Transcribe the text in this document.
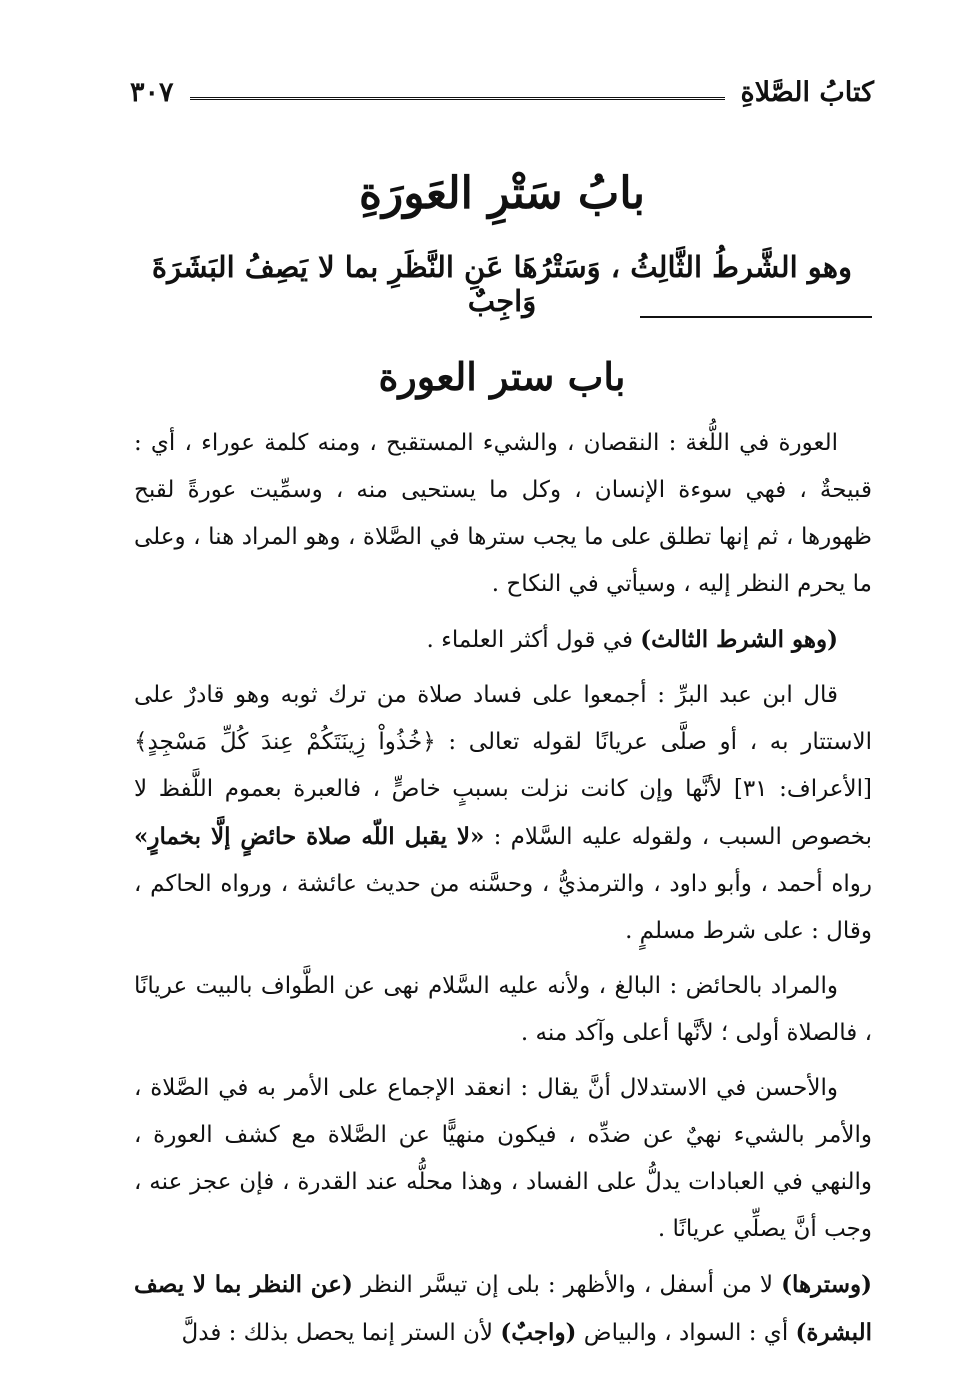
كتابُ الصَّلاةِ
٣٠٧
بابُ سَتْرِ العَورَةِ
وهو الشَّرطُ الثَّالِثُ ، وَسَتْرُهَا عَنِ النَّظَرِ بما لا يَصِفُ البَشَرَةَ وَاجِبٌ
باب ستر العورة

العورة في اللُّغة : النقصان ، والشيء المستقبح ، ومنه كلمة عوراء ، أي : قبيحةٌ ، فهي سوءة الإنسان ، وكل ما يستحيى منه ، وسمِّيت عورةً لقبح ظهورها ، ثم إنها تطلق على ما يجب سترها في الصَّلاة ، وهو المراد هنا ، وعلى ما يحرم النظر إليه ، وسيأتي في النكاح .

(وهو الشرط الثالث) في قول أكثر العلماء .

قال ابن عبد البرِّ : أجمعوا على فساد صلاة من ترك ثوبه وهو قادرٌ على الاستتار به ، أو صلَّى عريانًا لقوله تعالى : ﴿خُذُواْ زِينَتَكُمْ عِندَ كُلِّ مَسْجِدٍ﴾ [الأعراف: ٣١] لأنَّها وإن كانت نزلت بسببٍ خاصٍّ ، فالعبرة بعموم اللَّفظ لا بخصوص السبب ، ولقوله عليه السَّلام : «لا يقبل اللّه صلاة حائضٍ إلَّا بخمارٍ» رواه أحمد ، وأبو داود ، والترمذيُّ ، وحسَّنه من حديث عائشة ، ورواه الحاكم ، وقال : على شرط مسلمٍ .

والمراد بالحائض : البالغ ، ولأنه عليه السَّلام نهى عن الطَّواف بالبيت عريانًا ، فالصلاة أولى ؛ لأنَّها أعلى وآكد منه .

والأحسن في الاستدلال أنَّ يقال : انعقد الإجماع على الأمر به في الصَّلاة ، والأمر بالشيء نهيٌ عن ضدِّه ، فيكون منهيًّا عن الصَّلاة مع كشف العورة ، والنهي في العبادات يدلُّ على الفساد ، وهذا محلُّه عند القدرة ، فإن عجز عنه ، وجب أنَّ يصلِّي عريانًا .

(وسترها) لا من أسفل ، والأظهر : بلى إن تيسَّر النظر (عن النظر بما لا يصف البشرة) أي : السواد ، والبياض (واجبٌ) لأن الستر إنما يحصل بذلك : فدلَّ
